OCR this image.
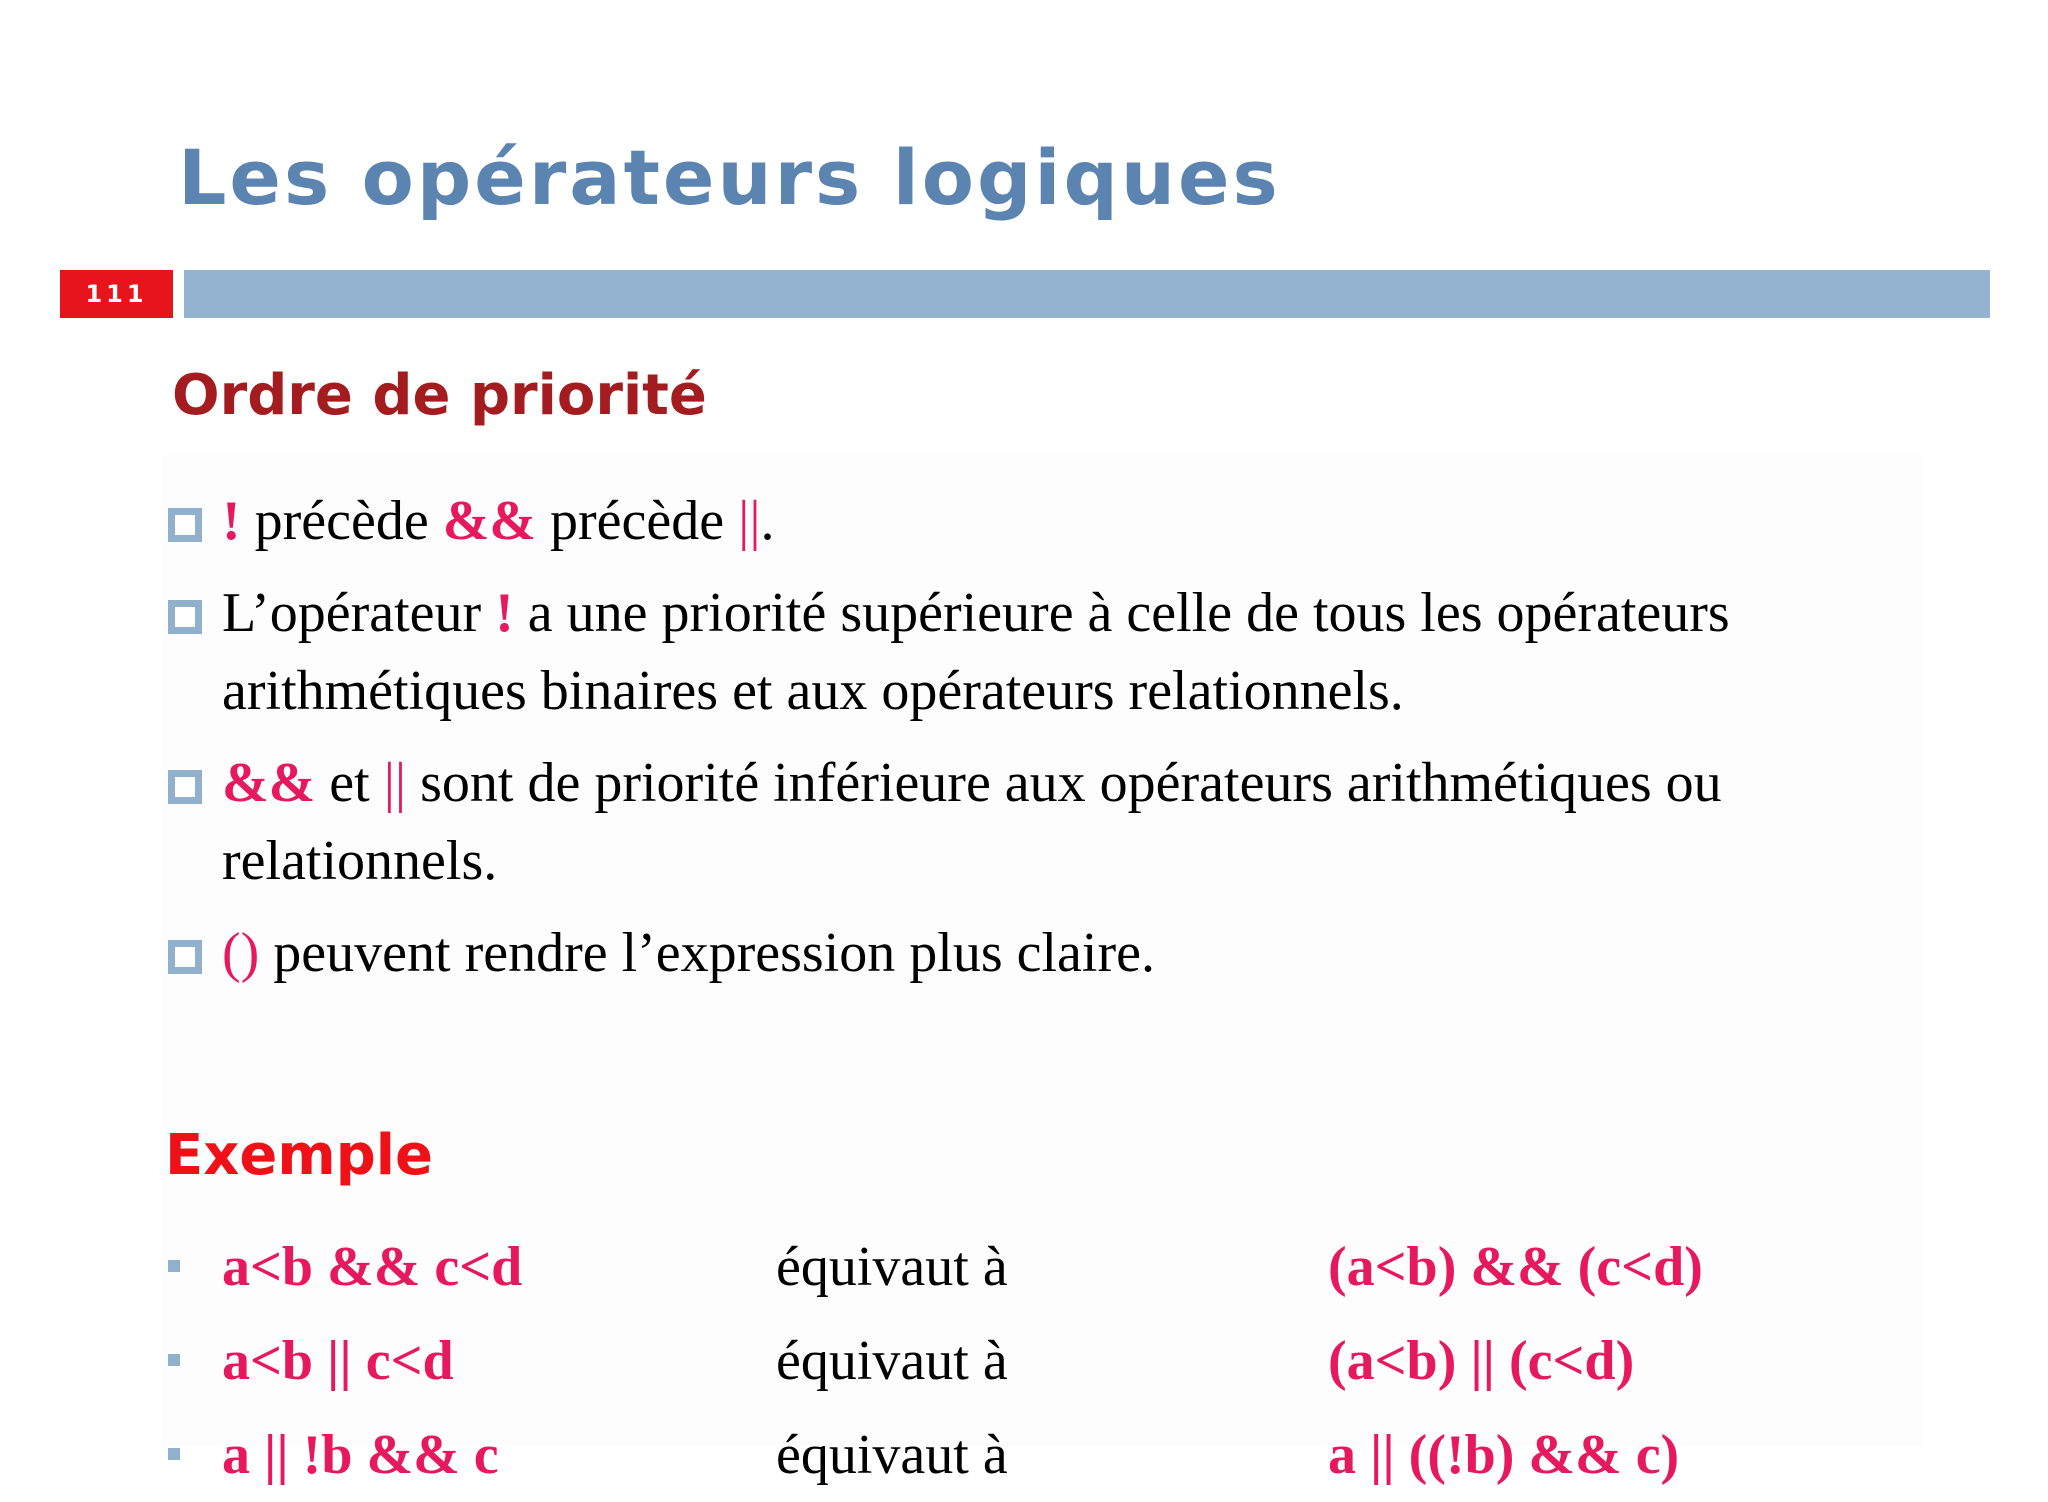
Les opérateurs logiques
111
Ordre de priorité
! précède && précède ||.
L’opérateur ! a une priorité supérieure à celle de tous les opérateurs arithmétiques binaires et aux opérateurs relationnels.
&& et || sont de priorité inférieure aux opérateurs arithmétiques ou relationnels.
() peuvent rendre l’expression plus claire.
Exemple
a<b && c<d	équivaut à	(a<b) && (c<d)
a<b || c<d	équivaut à	(a<b) || (c<d)
a || !b && c	équivaut à	a || ((!b) && c)
